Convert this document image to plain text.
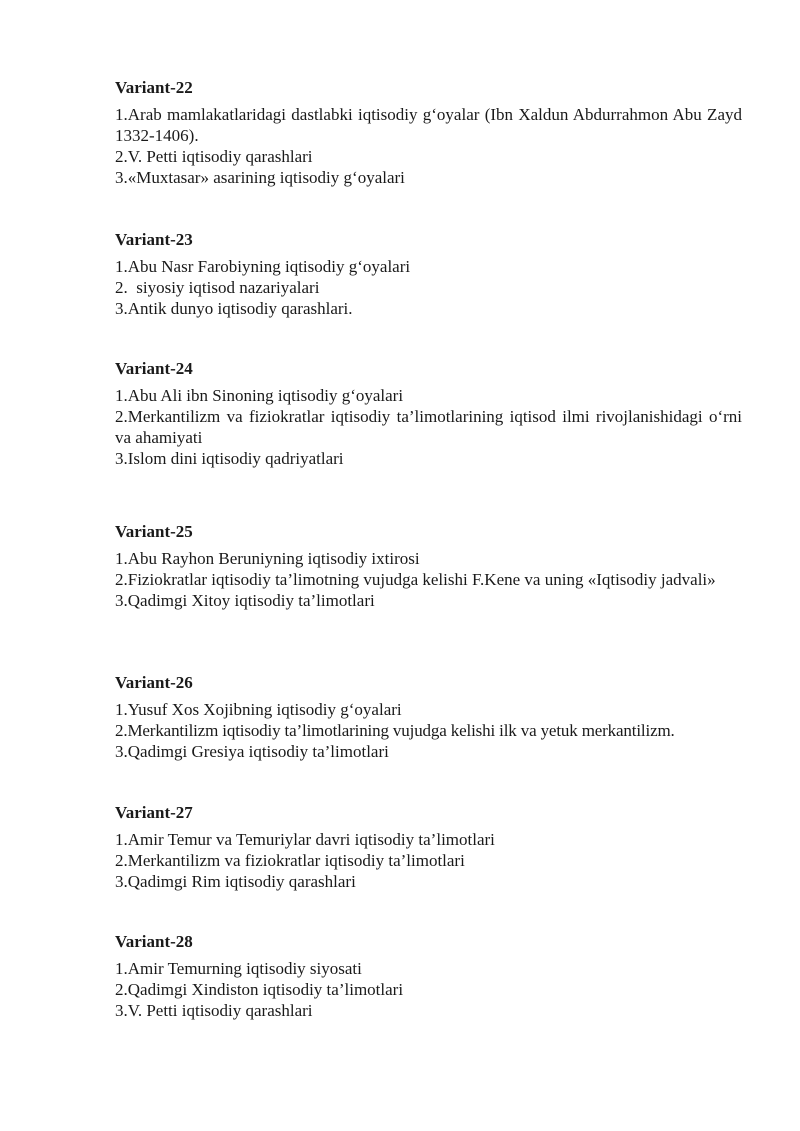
Variant-22

1.Arab mamlakatlaridagi dastlabki iqtisodiy g‘oyalar (Ibn Xaldun Abdurrahmon Abu Zayd 1332-1406).

2.V. Petti iqtisodiy qarashlari

3.«Muxtasar» asarining iqtisodiy g‘oyalari

Variant-23

1.Abu Nasr Farobiyning iqtisodiy g‘oyalari

2.  siyosiy iqtisod nazariyalari

3.Antik dunyo iqtisodiy qarashlari.

Variant-24

1.Abu Ali ibn Sinoning iqtisodiy g‘oyalari

2.Merkantilizm va fiziokratlar iqtisodiy ta’limotlarining iqtisod ilmi rivojlanishidagi o‘rni va ahamiyati

3.Islom dini iqtisodiy qadriyatlari

Variant-25

1.Abu Rayhon Beruniyning iqtisodiy ixtirosi

2.Fiziokratlar iqtisodiy ta’limotning vujudga kelishi F.Kene va uning «Iqtisodiy jadvali»

3.Qadimgi Xitoy iqtisodiy ta’limotlari

Variant-26

1.Yusuf Xos Xojibning iqtisodiy g‘oyalari

2.Merkantilizm iqtisodiy ta’limotlarining vujudga kelishi ilk va yetuk merkantilizm.

3.Qadimgi Gresiya iqtisodiy ta’limotlari

Variant-27

1.Amir Temur va Temuriylar davri iqtisodiy ta’limotlari

2.Merkantilizm va fiziokratlar iqtisodiy ta’limotlari

3.Qadimgi Rim iqtisodiy qarashlari

Variant-28

1.Amir Temurning iqtisodiy siyosati

2.Qadimgi Xindiston iqtisodiy ta’limotlari

3.V. Petti iqtisodiy qarashlari
